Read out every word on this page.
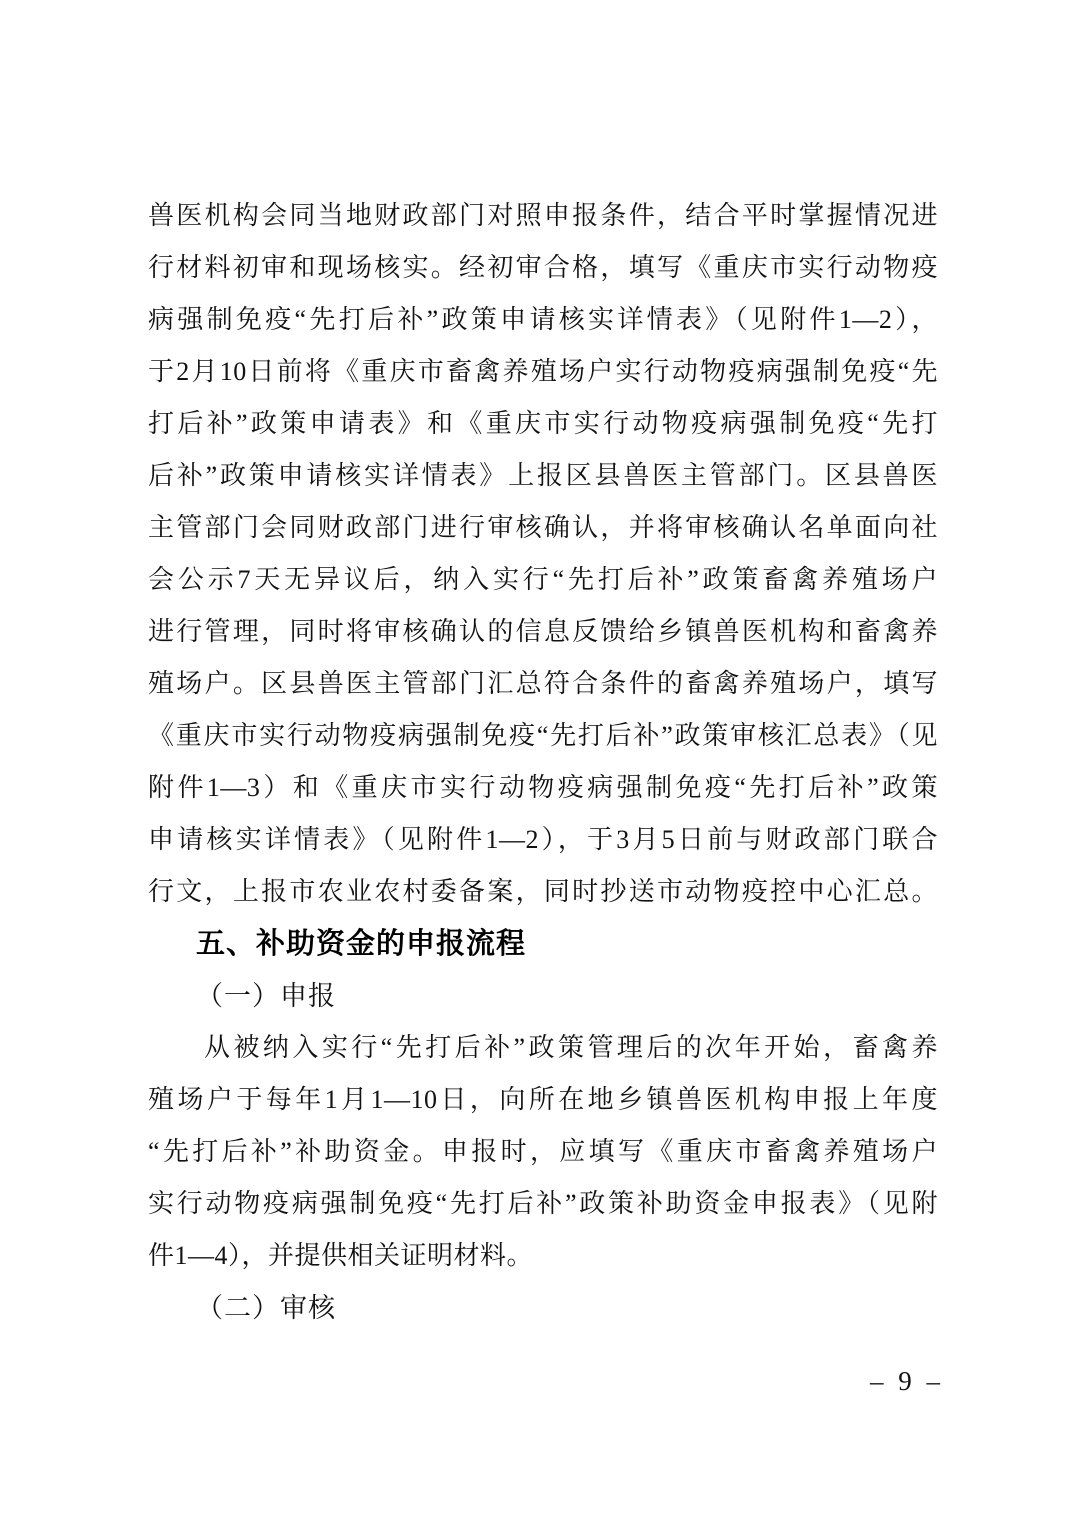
兽医机构会同当地财政部门对照申报条件，结合平时掌握情况进
行材料初审和现场核实。经初审合格，填写《重庆市实行动物疫
病强制免疫“先打后补”政策申请核实详情表》（见附件1—2），
于2月10日前将《重庆市畜禽养殖场户实行动物疫病强制免疫“先
打后补”政策申请表》和《重庆市实行动物疫病强制免疫“先打
后补”政策申请核实详情表》上报区县兽医主管部门。区县兽医
主管部门会同财政部门进行审核确认，并将审核确认名单面向社
会公示7天无异议后，纳入实行“先打后补”政策畜禽养殖场户
进行管理，同时将审核确认的信息反馈给乡镇兽医机构和畜禽养
殖场户。区县兽医主管部门汇总符合条件的畜禽养殖场户，填写
《重庆市实行动物疫病强制免疫“先打后补”政策审核汇总表》（见
附件1—3）和《重庆市实行动物疫病强制免疫“先打后补”政策
申请核实详情表》（见附件1—2），于3月5日前与财政部门联合
行文，上报市农业农村委备案，同时抄送市动物疫控中心汇总。
五、补助资金的申报流程
（一）申报
从被纳入实行“先打后补”政策管理后的次年开始，畜禽养
殖场户于每年1月1—10日，向所在地乡镇兽医机构申报上年度
“先打后补”补助资金。申报时，应填写《重庆市畜禽养殖场户
实行动物疫病强制免疫“先打后补”政策补助资金申报表》（见附
件1—4），并提供相关证明材料。
（二）审核
– 9 –
